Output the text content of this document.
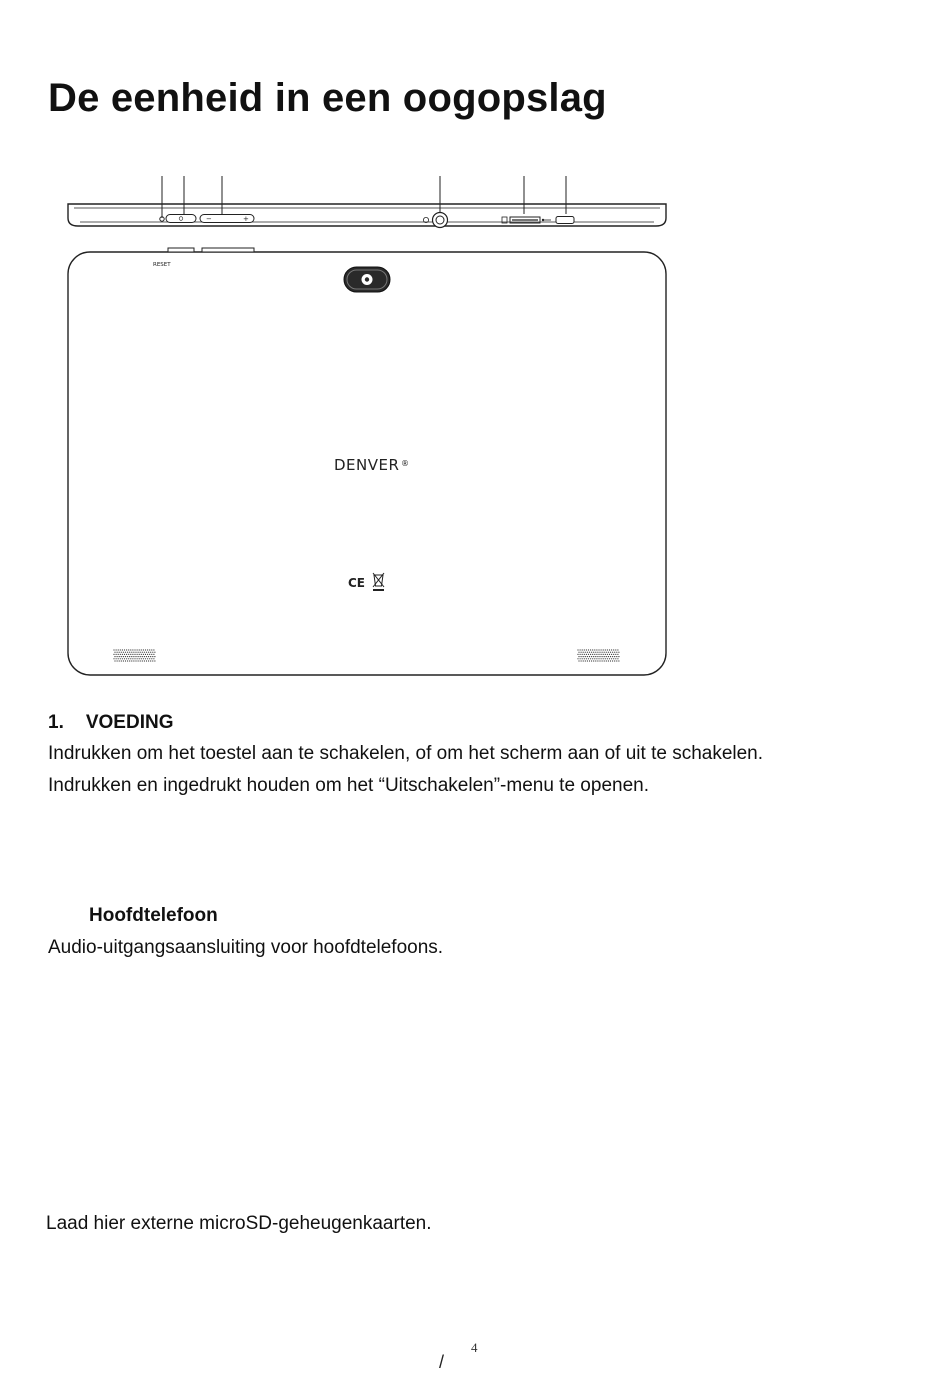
De eenheid in een oogopslag
−	+
RESET
DENVER ®
CE
1. VOEDING
Indrukken om het toestel aan te schakelen, of om het scherm aan of uit te schakelen.
Indrukken en ingedrukt houden om het “Uitschakelen”-menu te openen.
Hoofdtelefoon
Audio-uitgangsaansluiting voor hoofdtelefoons.
Laad hier externe microSD-geheugenkaarten.
4
/
